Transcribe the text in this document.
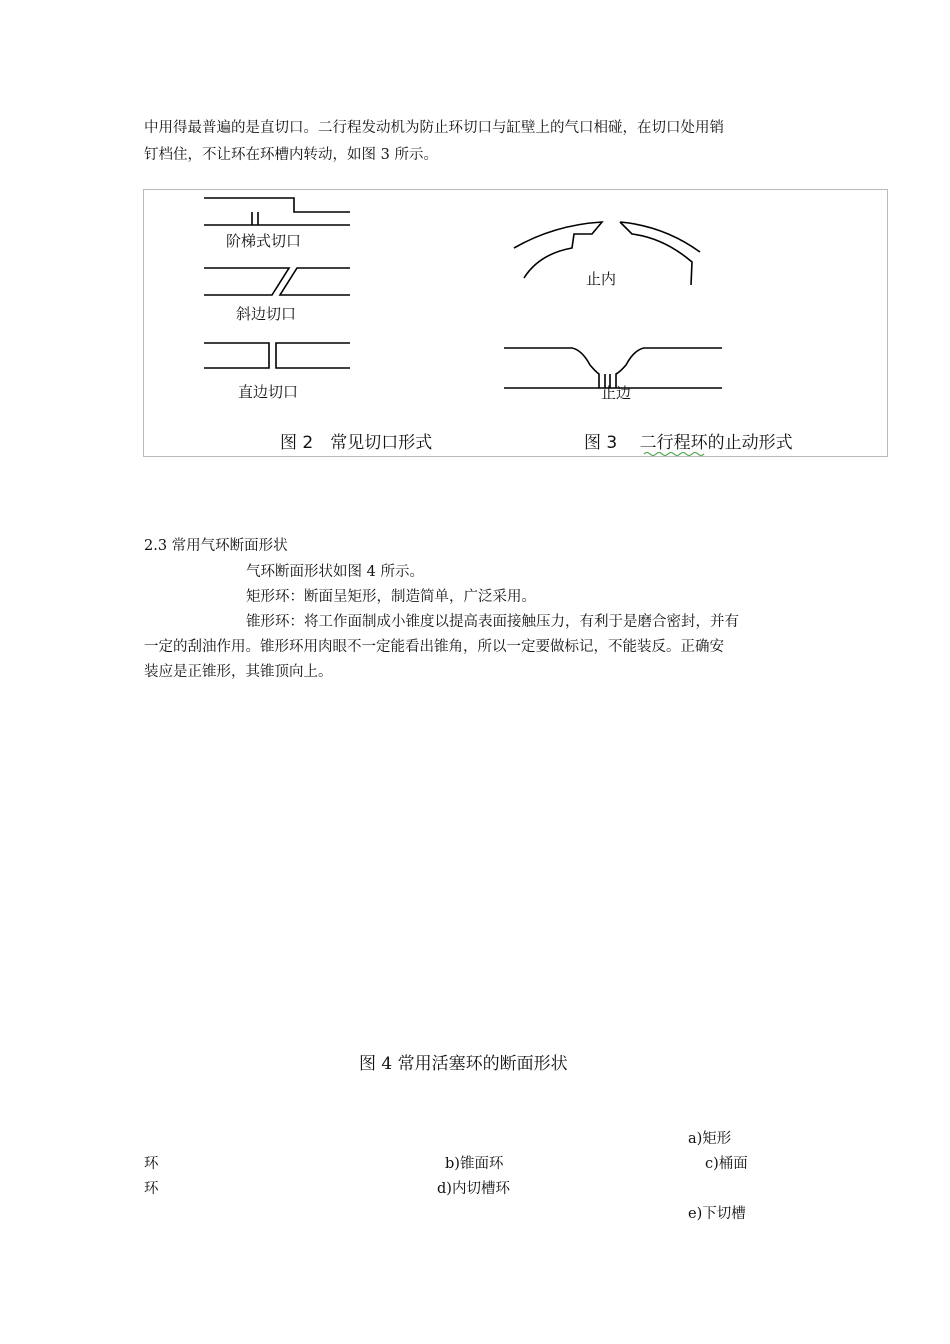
中用得最普遍的是直切口。二行程发动机为防止环切口与缸壁上的气口相碰，在切口处用销
钉档住，不让环在环槽内转动，如图 3 所示。
阶梯式切口
斜边切口
直边切口
止内
止边
图 2　常见切口形式	图 3　 二行程环的止动形式
2.3 常用气环断面形状
气环断面形状如图 4 所示。
矩形环：断面呈矩形，制造简单，广泛采用。
锥形环：将工作面制成小锥度以提高表面接触压力，有利于是磨合密封，并有
一定的刮油作用。锥形环用肉眼不一定能看出锥角，所以一定要做标记，不能装反。正确安
装应是正锥形，其锥顶向上。
图 4 常用活塞环的断面形状
a)矩形
环	b)锥面环	c)桶面
环	d)内切槽环
e)下切槽
